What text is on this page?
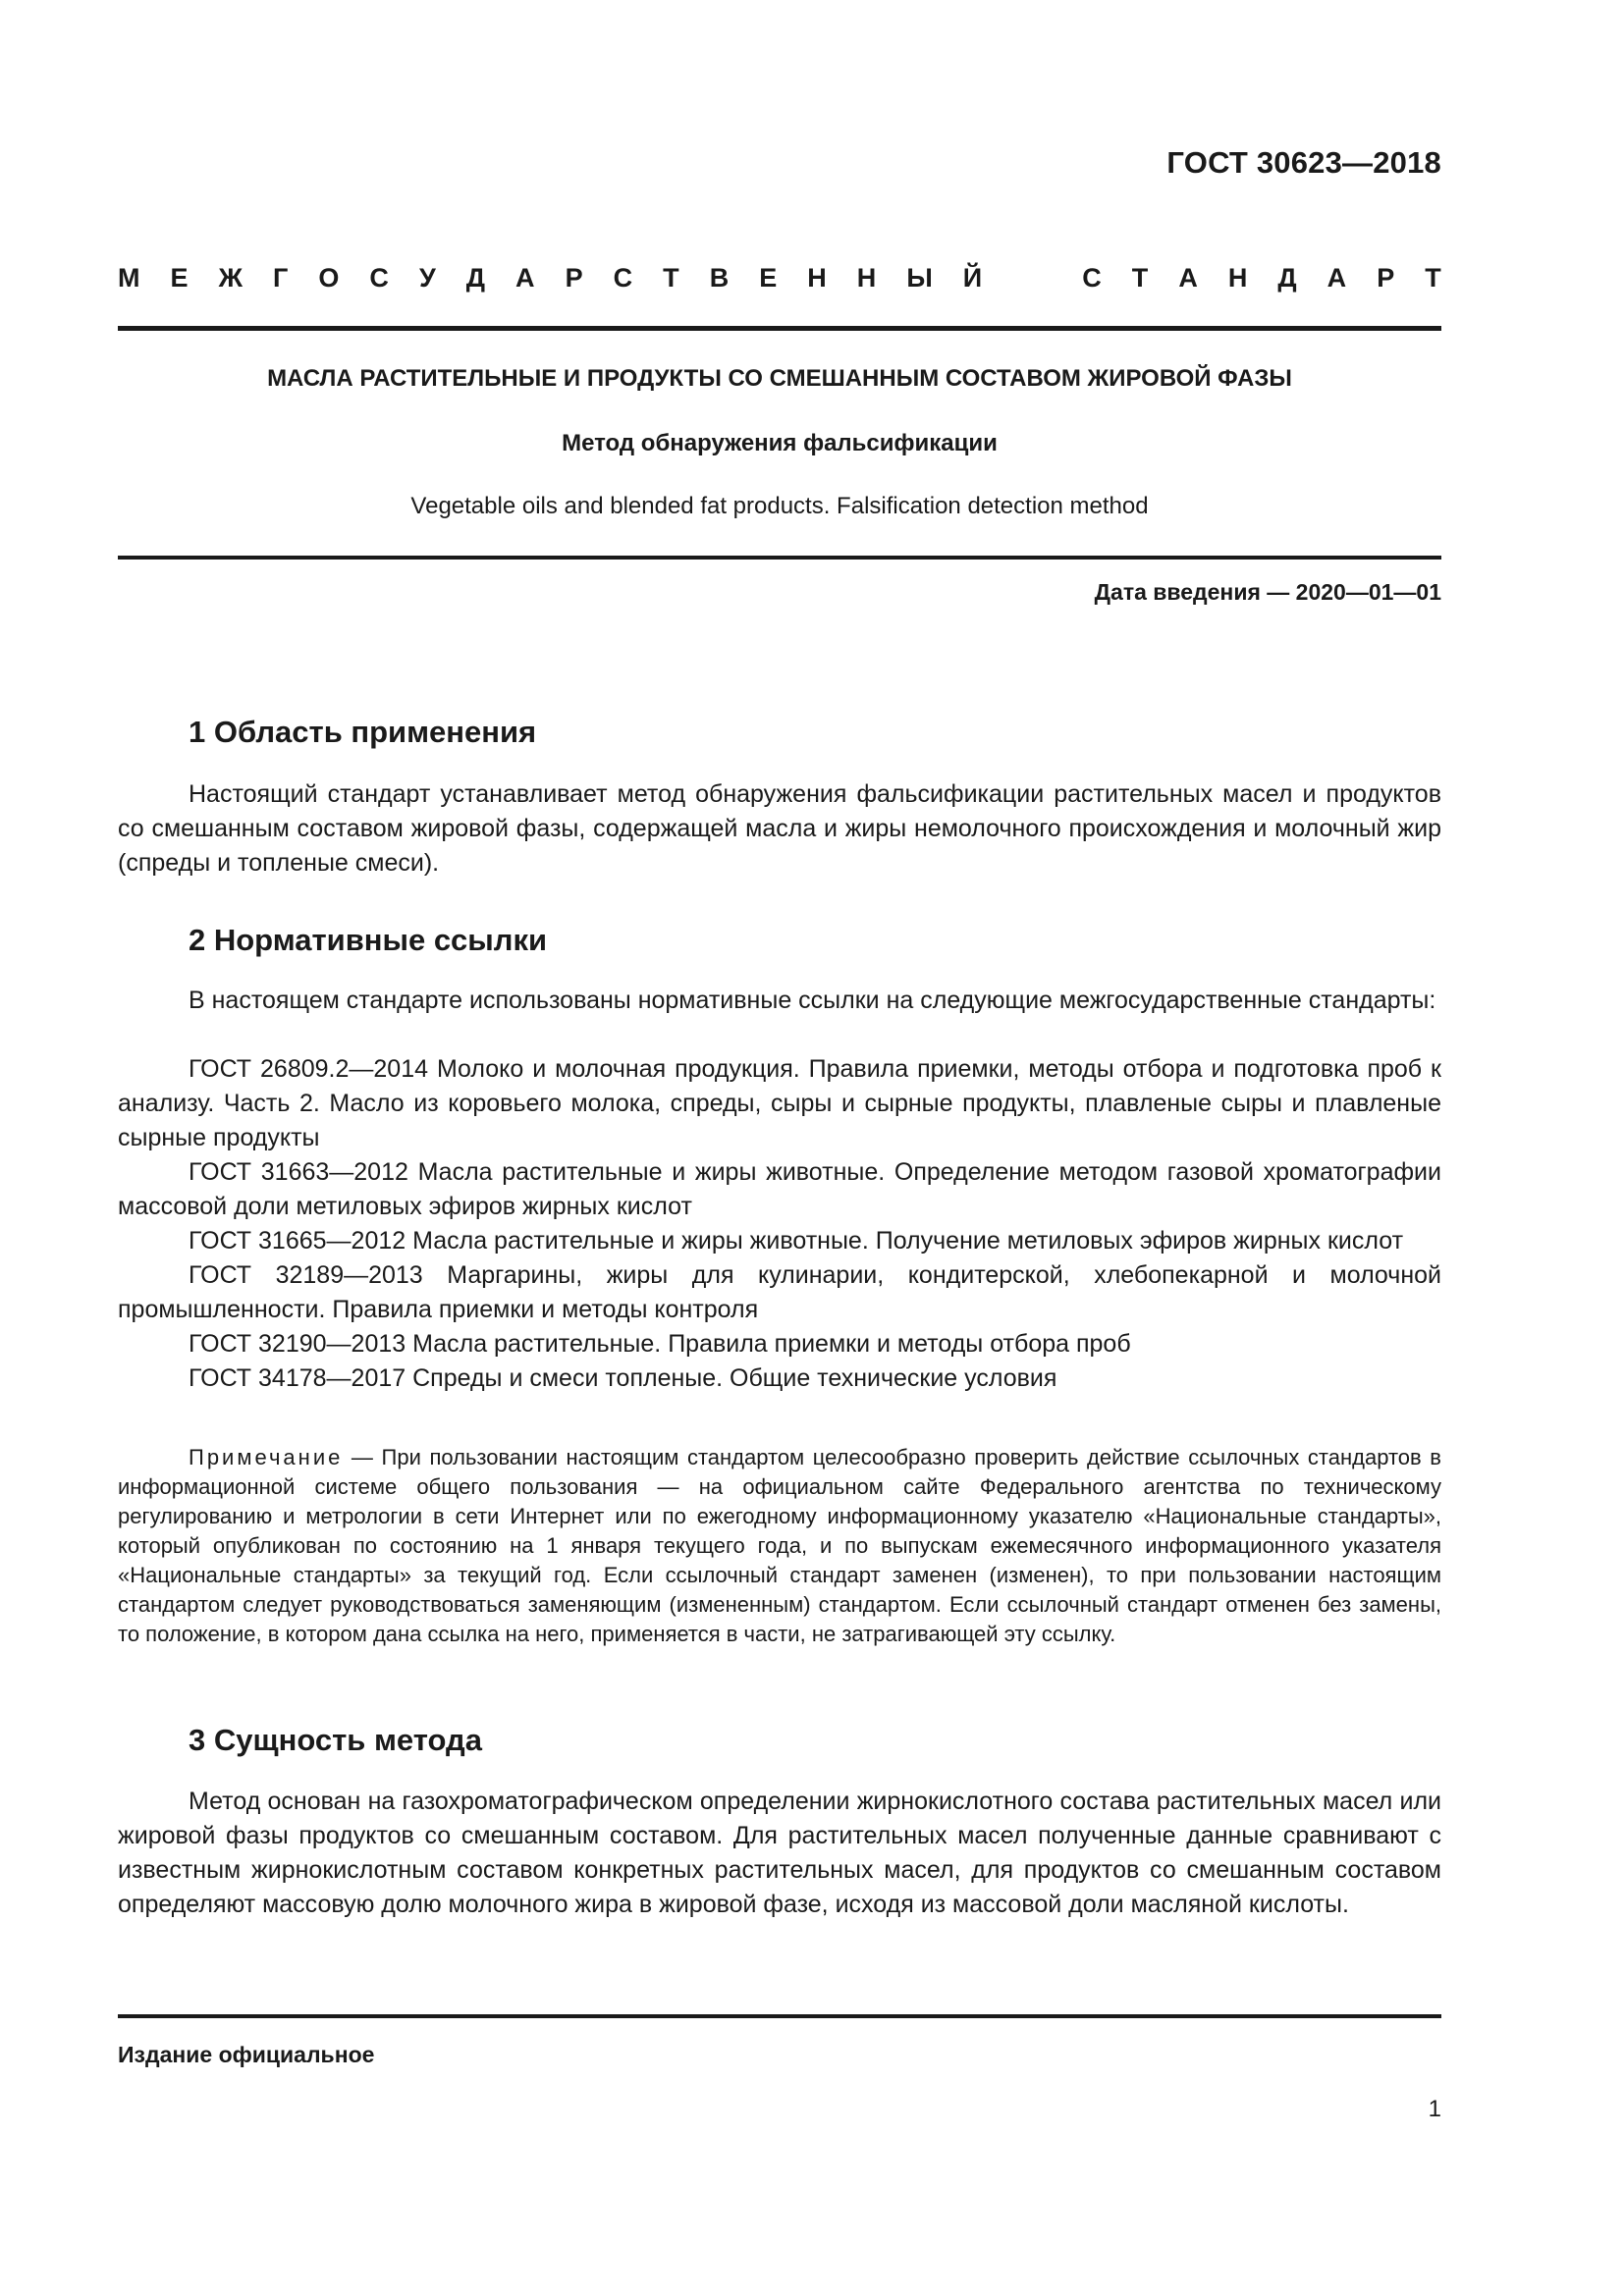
ГОСТ 30623—2018
М Е Ж Г О С У Д А Р С Т В Е Н Н Ы Й	С Т А Н Д А Р Т
МАСЛА РАСТИТЕЛЬНЫЕ И ПРОДУКТЫ СО СМЕШАННЫМ СОСТАВОМ ЖИРОВОЙ ФАЗЫ
Метод обнаружения фальсификации
Vegetable oils and blended fat products. Falsification detection method
Дата введения — 2020—01—01
1 Область применения

Настоящий стандарт устанавливает метод обнаружения фальсификации растительных масел и продуктов со смешанным составом жировой фазы, содержащей масла и жиры немолочного происхождения и молочный жир (спреды и топленые смеси).

2 Нормативные ссылки

В настоящем стандарте использованы нормативные ссылки на следующие межгосударственные стандарты:

ГОСТ 26809.2—2014 Молоко и молочная продукция. Правила приемки, методы отбора и подготовка проб к анализу. Часть 2. Масло из коровьего молока, спреды, сыры и сырные продукты, плавленые сыры и плавленые сырные продукты
ГОСТ 31663—2012 Масла растительные и жиры животные. Определение методом газовой хроматографии массовой доли метиловых эфиров жирных кислот
ГОСТ 31665—2012 Масла растительные и жиры животные. Получение метиловых эфиров жирных кислот
ГОСТ 32189—2013 Маргарины, жиры для кулинарии, кондитерской, хлебопекарной и молочной промышленности. Правила приемки и методы контроля
ГОСТ 32190—2013 Масла растительные. Правила приемки и методы отбора проб
ГОСТ 34178—2017 Спреды и смеси топленые. Общие технические условия

Примечание — При пользовании настоящим стандартом целесообразно проверить действие ссылочных стандартов в информационной системе общего пользования — на официальном сайте Федерального агентства по техническому регулированию и метрологии в сети Интернет или по ежегодному информационному указателю «Национальные стандарты», который опубликован по состоянию на 1 января текущего года, и по выпускам ежемесячного информационного указателя «Национальные стандарты» за текущий год. Если ссылочный стандарт заменен (изменен), то при пользовании настоящим стандартом следует руководствоваться заменяющим (измененным) стандартом. Если ссылочный стандарт отменен без замены, то положение, в котором дана ссылка на него, применяется в части, не затрагивающей эту ссылку.

3 Сущность метода

Метод основан на газохроматографическом определении жирнокислотного состава растительных масел или жировой фазы продуктов со смешанным составом. Для растительных масел полученные данные сравнивают с известным жирнокислотным составом конкретных растительных масел, для продуктов со смешанным составом определяют массовую долю молочного жира в жировой фазе, исходя из массовой доли масляной кислоты.

Издание официальное
1
